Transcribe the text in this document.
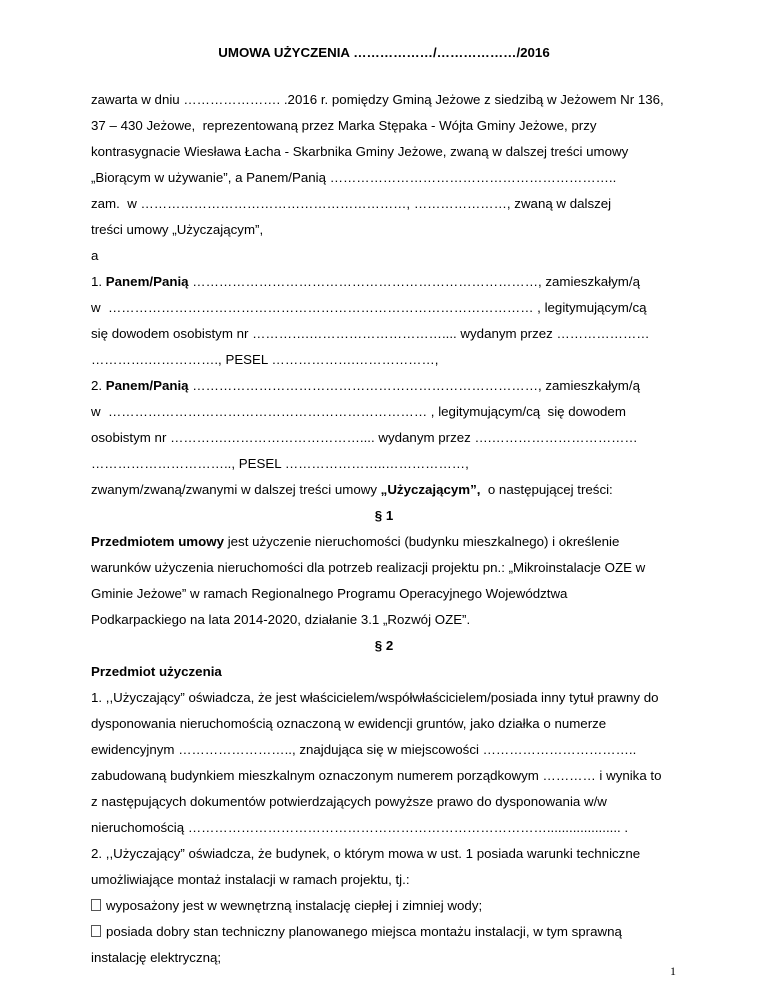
UMOWA UŻYCZENIA ………………/………………/2016
zawarta w dniu …………………. .2016 r. pomiędzy Gminą Jeżowe z siedzibą w Jeżowem Nr 136,
37 – 430 Jeżowe,  reprezentowaną przez Marka Stępaka - Wójta Gminy Jeżowe, przy
kontrasygnacie Wiesława Łacha - Skarbnika Gminy Jeżowe, zwaną w dalszej treści umowy
„Biorącym w używanie”, a Panem/Panią ………………………………………………………..
zam.  w ……………………………………………………, …………………, zwaną w dalszej
treści umowy „Użyczającym”,
a
1. Panem/Panią ……………………………………………………………………, zamieszkałym/ą
w  …………………………………………………………………………………… , legitymującym/cą
się dowodem osobistym nr ………….………………………….... wydanym przez …………………
………….……………., PESEL ……………….………………,
2. Panem/Panią ……………………………………………………………………, zamieszkałym/ą
w  ……………………………………………………………… , legitymującym/cą  się dowodem
osobistym nr ………….………………………….... wydanym przez ….……………………………
………………………….., PESEL …………………..………………,
zwanym/zwaną/zwanymi w dalszej treści umowy „Użyczającym”,  o następującej treści:
§ 1
Przedmiotem umowy jest użyczenie nieruchomości (budynku mieszkalnego) i określenie
warunków użyczenia nieruchomości dla potrzeb realizacji projektu pn.: „Mikroinstalacje OZE w
Gminie Jeżowe” w ramach Regionalnego Programu Operacyjnego Województwa
Podkarpackiego na lata 2014-2020, działanie 3.1 „Rozwój OZE”.
§ 2
Przedmiot użyczenia
1. ,,Użyczający” oświadcza, że jest właścicielem/współwłaścicielem/posiada inny tytuł prawny do
dysponowania nieruchomością oznaczoną w ewidencji gruntów, jako działka o numerze
ewidencyjnym …………………….., znajdująca się w miejscowości ……………………………..
zabudowaną budynkiem mieszkalnym oznaczonym numerem porządkowym ………… i wynika to
z następujących dokumentów potwierdzających powyższe prawo do dysponowania w/w
nieruchomością ……………………………………………………………………….................... .
2. ,,Użyczający” oświadcza, że budynek, o którym mowa w ust. 1 posiada warunki techniczne
umożliwiające montaż instalacji w ramach projektu, tj.:
wyposażony jest w wewnętrzną instalację ciepłej i zimniej wody;
posiada dobry stan techniczny planowanego miejsca montażu instalacji, w tym sprawną
instalację elektryczną;
1
